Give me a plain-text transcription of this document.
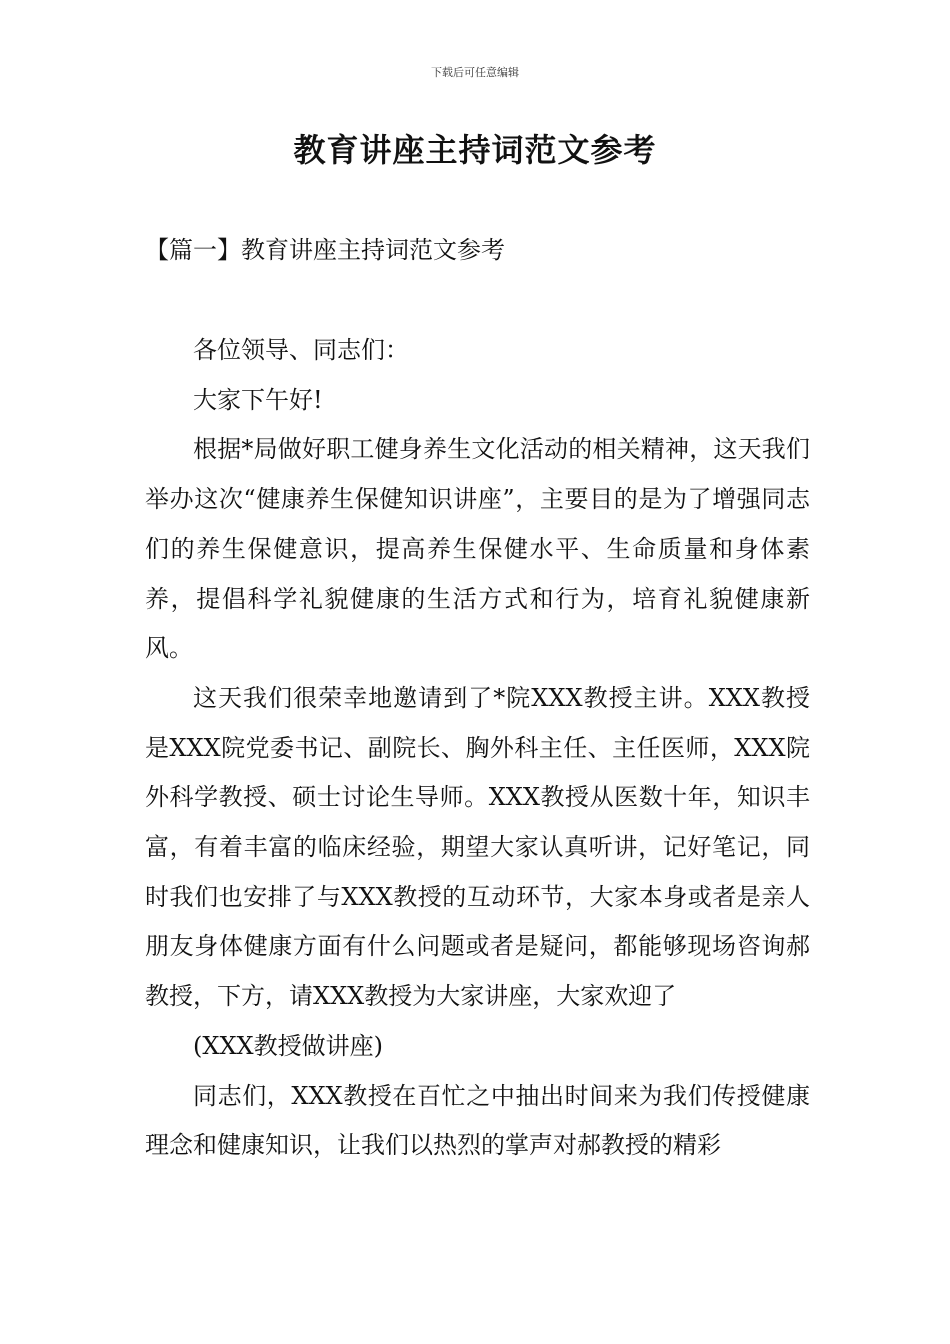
下载后可任意编辑
教育讲座主持词范文参考
【篇一】教育讲座主持词范文参考

各位领导、同志们：

大家下午好!

根据*局做好职工健身养生文化活动的相关精神，这天我们举办这次“健康养生保健知识讲座”，主要目的是为了增强同志们的养生保健意识，提高养生保健水平、生命质量和身体素养，提倡科学礼貌健康的生活方式和行为，培育礼貌健康新风。

这天我们很荣幸地邀请到了*院XXX教授主讲。XXX教授是XXX院党委书记、副院长、胸外科主任、主任医师，XXX院外科学教授、硕士讨论生导师。XXX教授从医数十年，知识丰富，有着丰富的临床经验，期望大家认真听讲，记好笔记，同时我们也安排了与XXX教授的互动环节，大家本身或者是亲人朋友身体健康方面有什么问题或者是疑问，都能够现场咨询郝教授，下方，请XXX教授为大家讲座，大家欢迎了

(XXX教授做讲座)

同志们，XXX教授在百忙之中抽出时间来为我们传授健康理念和健康知识，让我们以热烈的掌声对郝教授的精彩
